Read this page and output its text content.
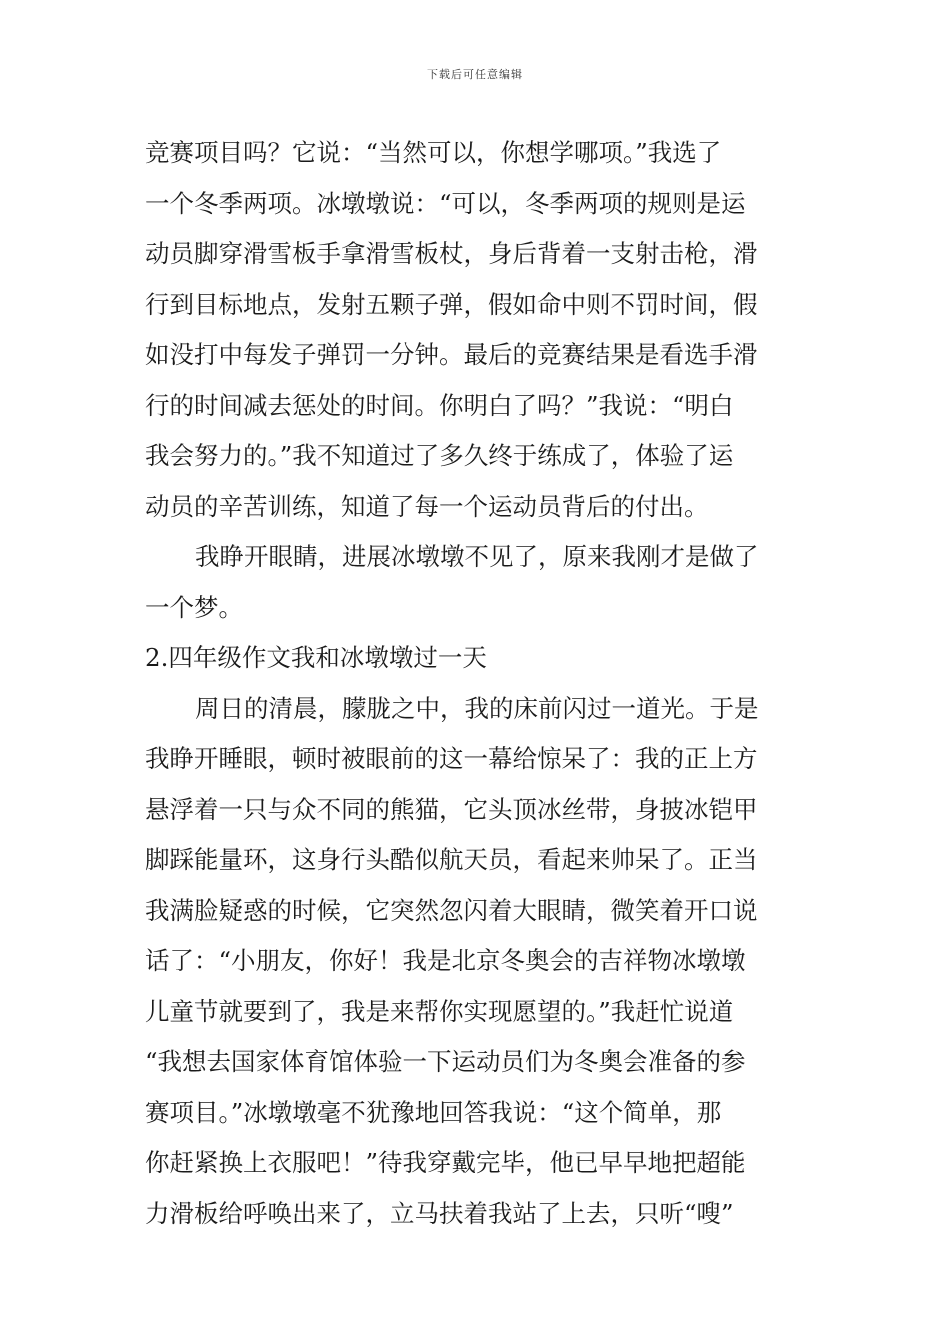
下载后可任意编辑
竞赛项目吗？它说：“当然可以，你想学哪项。”我选了
一个冬季两项。冰墩墩说：“可以，冬季两项的规则是运
动员脚穿滑雪板手拿滑雪板杖，身后背着一支射击枪，滑
行到目标地点，发射五颗子弹，假如命中则不罚时间，假
如没打中每发子弹罚一分钟。最后的竞赛结果是看选手滑
行的时间减去惩处的时间。你明白了吗？”我说：“明白
我会努力的。”我不知道过了多久终于练成了，体验了运
动员的辛苦训练，知道了每一个运动员背后的付出。
我睁开眼睛，进展冰墩墩不见了，原来我刚才是做了
一个梦。
2.四年级作文我和冰墩墩过一天
周日的清晨，朦胧之中，我的床前闪过一道光。于是
我睁开睡眼，顿时被眼前的这一幕给惊呆了：我的正上方
悬浮着一只与众不同的熊猫，它头顶冰丝带，身披冰铠甲
脚踩能量环，这身行头酷似航天员，看起来帅呆了。正当
我满脸疑惑的时候，它突然忽闪着大眼睛，微笑着开口说
话了：“小朋友，你好！我是北京冬奥会的吉祥物冰墩墩
儿童节就要到了，我是来帮你实现愿望的。”我赶忙说道
“我想去国家体育馆体验一下运动员们为冬奥会准备的参
赛项目。”冰墩墩毫不犹豫地回答我说：“这个简单，那
你赶紧换上衣服吧！”待我穿戴完毕，他已早早地把超能
力滑板给呼唤出来了，立马扶着我站了上去，只听“嗖”
